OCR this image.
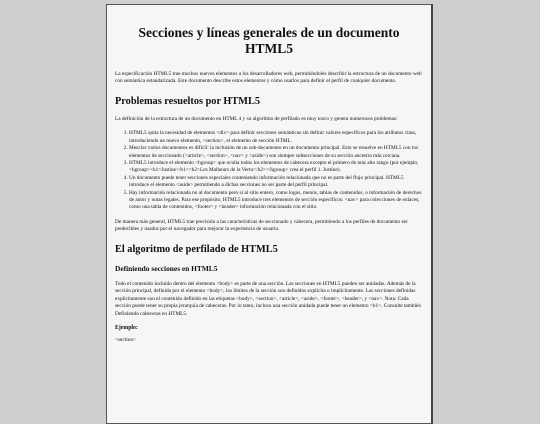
Secciones y líneas generales de un documento HTML5

La especificación HTML5 trae muchos nuevos elementos a los desarrolladores web, permitiéndoles describir la estructura de un documento web con semántica estandarizada. Este documento describe estos elementos y cómo usarlos para definir el perfil de cualquier documento.

Problemas resueltos por HTML5

La definición de la estructura de un documento en HTML 4 y su algoritmo de perfilado es muy tosco y genera numerosos problemas:

1. HTML5 quita la necesidad de elementos <div> para definir secciones semánticas sin definir valores específicos para los atributos class, introduciendo un nuevo elemento, <section>, el elemento de sección HTML.
2. Mezclar varios documentos es difícil: la inclusión de un sub-documento en un documento principal. Esto se resuelve en HTML5 con los elementos de seccionado (<article>, <section>, <nav> y <aside>) son siempre subsecciones de su sección ancestra más cercana.
3. HTML5 introduce el elemento <hgroup> que oculta todos los elementos de cabecera excepto el primero de más alto rango (por ejemplo, <hgroup><h1>Justine</h1><h2>Les Malheurs de la Vertu</h2></hgroup> crea el perfil 1. Justine).
4. Un documento puede tener secciones especiales conteniendo información relacionada que no es parte del flujo principal. HTML5 introduce el elemento <aside> permitiendo a dichas secciones no ser parte del perfil principal.
5. Hay información relacionada no al documento pero sí al sitio entero, como logos, menús, tablas de contenidos, o información de derechos de autor y notas legales. Para ese propósito, HTML5 introduce tres elementos de sección específicos: <nav> para colecciones de enlaces, como una tabla de contenidos, <footer> y <header> información relacionada con el sitio.

De manera más general, HTML5 trae precisión a las características de seccionado y cabecera, permitiendo a los perfiles de documento ser predecibles y usados por el navegador para mejorar la experiencia de usuario.

El algoritmo de perfilado de HTML5
Definiendo secciones en HTML5

Todo el contenido incluido dentro del elemento <body> es parte de una sección. Las secciones en HTML5 pueden ser anidadas. Además de la sección principal, definida por el elemento <body>, los límites de la sección son definidos explícita o implícitamente. Las secciones definidas explícitamente son el contenido definido en las etiquetas <body>, <section>, <article>, <aside>, <footer>, <header>, y <nav>. Nota: Cada sección puede tener su propia jerarquía de cabeceras. Por lo tanto, incluso una sección anidada puede tener un elemento <h1>. Consulte también Definiendo cabeceras en HTML5.

Ejemplo:
<section>
